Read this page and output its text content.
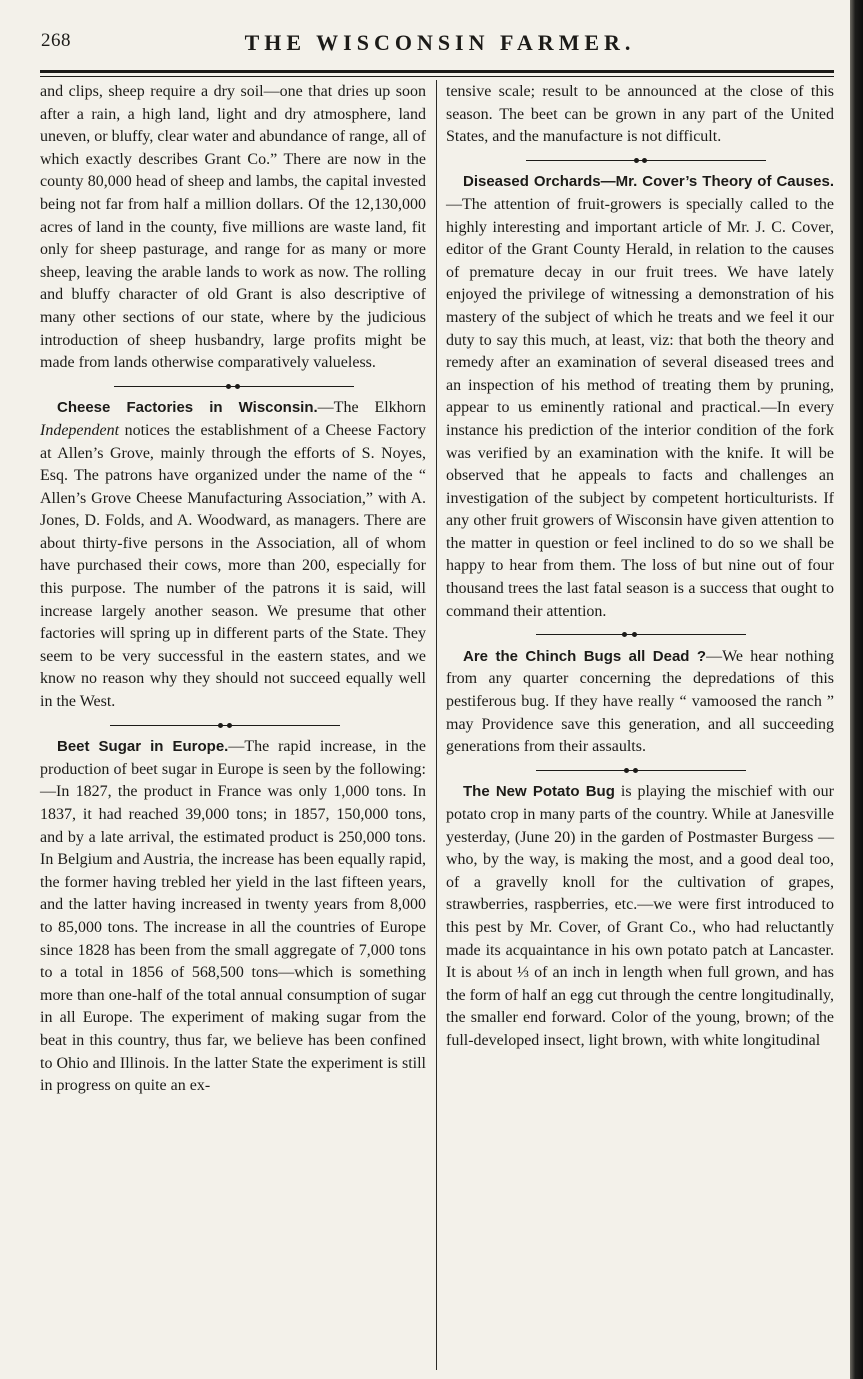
268	THE WISCONSIN FARMER.

and clips, sheep require a dry soil—one that dries up soon after a rain, a high land, light and dry atmosphere, land uneven, or bluffy, clear water and abundance of range, all of which exactly describes Grant Co.” There are now in the county 80,000 head of sheep and lambs, the capital invested being not far from half a million dollars. Of the 12,130,000 acres of land in the county, five millions are waste land, fit only for sheep pasturage, and range for as many or more sheep, leaving the arable lands to work as now. The rolling and bluffy character of old Grant is also descriptive of many other sections of our state, where by the judicious introduction of sheep husbandry, large profits might be made from lands otherwise comparatively valueless.

Cheese Factories in Wisconsin.—The Elkhorn Independent notices the establishment of a Cheese Factory at Allen’s Grove, mainly through the efforts of S. Noyes, Esq. The patrons have organized under the name of the “ Allen’s Grove Cheese Manufacturing Association,” with A. Jones, D. Folds, and A. Woodward, as managers. There are about thirty-five persons in the Association, all of whom have purchased their cows, more than 200, especially for this purpose. The number of the patrons it is said, will increase largely another season. We presume that other factories will spring up in different parts of the State. They seem to be very successful in the eastern states, and we know no reason why they should not succeed equally well in the West.

Beet Sugar in Europe.—The rapid increase, in the production of beet sugar in Europe is seen by the following:—In 1827, the product in France was only 1,000 tons. In 1837, it had reached 39,000 tons; in 1857, 150,000 tons, and by a late arrival, the estimated product is 250,000 tons. In Belgium and Austria, the increase has been equally rapid, the former having trebled her yield in the last fifteen years, and the latter having increased in twenty years from 8,000 to 85,000 tons. The increase in all the countries of Europe since 1828 has been from the small aggregate of 7,000 tons to a total in 1856 of 568,500 tons—which is something more than one-half of the total annual consumption of sugar in all Europe. The experiment of making sugar from the beat in this country, thus far, we believe has been confined to Ohio and Illinois. In the latter State the experiment is still in progress on quite an ex-

tensive scale; result to be announced at the close of this season. The beet can be grown in any part of the United States, and the manufacture is not difficult.

Diseased Orchards—Mr. Cover’s Theory of Causes.—The attention of fruit-growers is specially called to the highly interesting and important article of Mr. J. C. Cover, editor of the Grant County Herald, in relation to the causes of premature decay in our fruit trees. We have lately enjoyed the privilege of witnessing a demonstration of his mastery of the subject of which he treats and we feel it our duty to say this much, at least, viz: that both the theory and remedy after an examination of several diseased trees and an inspection of his method of treating them by pruning, appear to us eminently rational and practical.—In every instance his prediction of the interior condition of the fork was verified by an examination with the knife. It will be observed that he appeals to facts and challenges an investigation of the subject by competent horticulturists. If any other fruit growers of Wisconsin have given attention to the matter in question or feel inclined to do so we shall be happy to hear from them. The loss of but nine out of four thousand trees the last fatal season is a success that ought to command their attention.

Are the Chinch Bugs all Dead ?—We hear nothing from any quarter concerning the depredations of this pestiferous bug. If they have really “ vamoosed the ranch ” may Providence save this generation, and all succeeding generations from their assaults.

The New Potato Bug is playing the mischief with our potato crop in many parts of the country. While at Janesville yesterday, (June 20) in the garden of Postmaster Burgess —who, by the way, is making the most, and a good deal too, of a gravelly knoll for the cultivation of grapes, strawberries, raspberries, etc.—we were first introduced to this pest by Mr. Cover, of Grant Co., who had reluctantly made its acquaintance in his own potato patch at Lancaster. It is about ⅓ of an inch in length when full grown, and has the form of half an egg cut through the centre longitudinally, the smaller end forward. Color of the young, brown; of the full-developed insect, light brown, with white longitudinal
